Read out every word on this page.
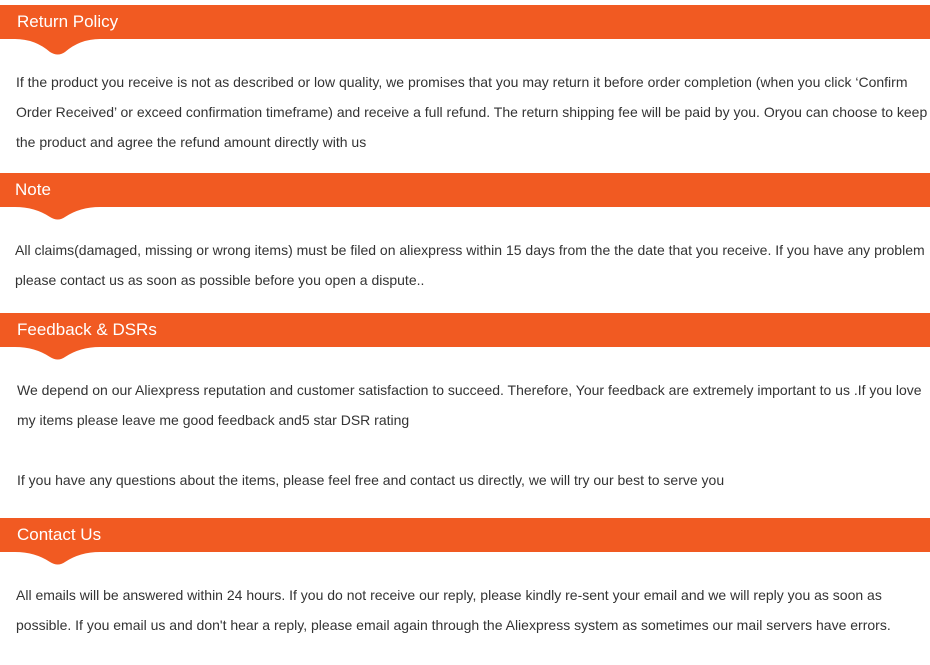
Return Policy

If the product you receive is not as described or low quality, we promises that you may return it before order completion (when you click ‘Confirm Order Received’ or exceed confirmation timeframe) and receive a full refund. The return shipping fee will be paid by you. Oryou can choose to keep the product and agree the refund amount directly with us

Note

All claims(damaged, missing or wrong items) must be filed on aliexpress within 15 days from the the date that you receive. If you have any problem please contact us as soon as possible before you open a dispute..

Feedback & DSRs

We depend on our Aliexpress reputation and customer satisfaction to succeed. Therefore, Your feedback are extremely important to us .If you love my items please leave me good feedback and5 star DSR rating

If you have any questions about the items, please feel free and contact us directly, we will try our best to serve you

Contact Us

All emails will be answered within 24 hours. If you do not receive our reply, please kindly re-sent your email and we will reply you as soon as possible. If you email us and don't hear a reply, please email again through the Aliexpress system as sometimes our mail servers have errors.
